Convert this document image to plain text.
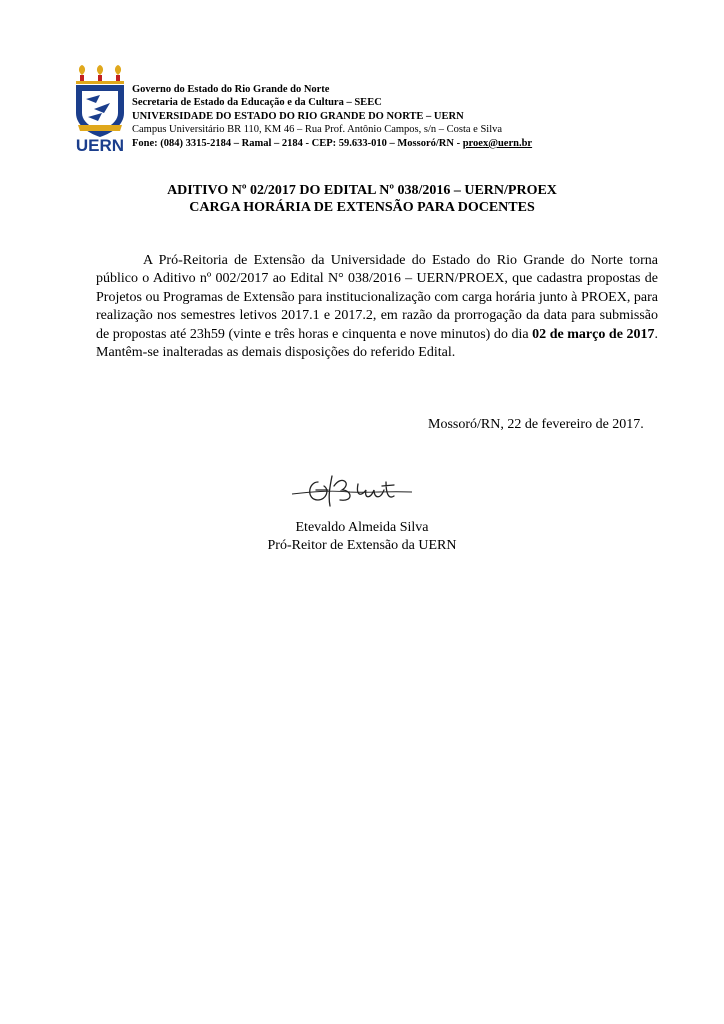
UERN
Governo do Estado do Rio Grande do Norte
Secretaria de Estado da Educação e da Cultura – SEEC
UNIVERSIDADE DO ESTADO DO RIO GRANDE DO NORTE – UERN
Campus Universitário BR 110, KM 46 – Rua Prof. Antônio Campos, s/n – Costa e Silva
Fone: (084) 3315-2184 – Ramal – 2184 - CEP: 59.633-010 – Mossoró/RN - proex@uern.br
ADITIVO Nº 02/2017 DO EDITAL Nº 038/2016 – UERN/PROEX
CARGA HORÁRIA DE EXTENSÃO PARA DOCENTES

A Pró-Reitoria de Extensão da Universidade do Estado do Rio Grande do Norte torna público o Aditivo nº 002/2017 ao Edital N° 038/2016 – UERN/PROEX, que cadastra propostas de Projetos ou Programas de Extensão para institucionalização com carga horária junto à PROEX, para realização nos semestres letivos 2017.1 e 2017.2, em razão da prorrogação da data para submissão de propostas até 23h59 (vinte e três horas e cinquenta e nove minutos) do dia 02 de março de 2017. Mantêm-se inalteradas as demais disposições do referido Edital.

Mossoró/RN, 22 de fevereiro de 2017.
Etevaldo Almeida Silva
Pró-Reitor de Extensão da UERN
